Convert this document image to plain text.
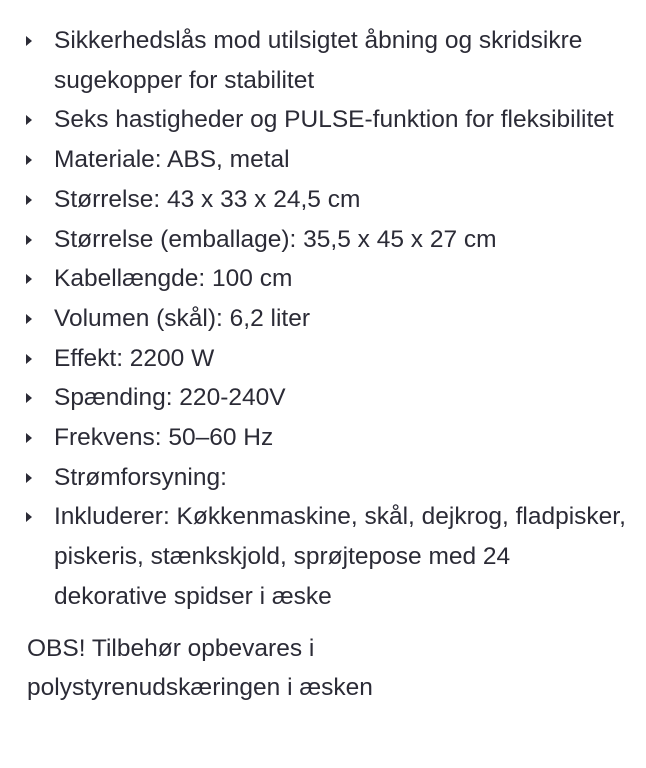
Sikkerhedslås mod utilsigtet åbning og skridsikre sugekopper for stabilitet
Seks hastigheder og PULSE-funktion for fleksibilitet
Materiale: ABS, metal
Størrelse: 43 x 33 x 24,5 cm
Størrelse (emballage): 35,5 x 45 x 27 cm
Kabellængde: 100 cm
Volumen (skål): 6,2 liter
Effekt: 2200 W
Spænding: 220-240V
Frekvens: 50–60 Hz
Strømforsyning:
Inkluderer: Køkkenmaskine, skål, dejkrog, fladpisker, piskeris, stænkskjold, sprøjtepose med 24 dekorative spidser i æske

OBS! Tilbehør opbevares i polystyrenudskæringen i æsken
